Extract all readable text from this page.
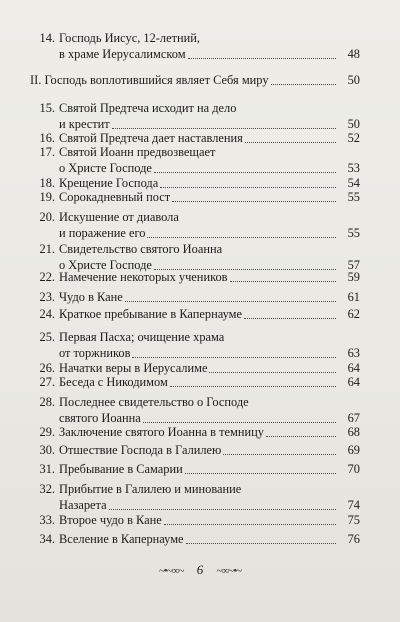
14. Господь Иисус, 12-летний,
в храме Иерусалимском	48
II. Господь воплотившийся являет Себя миру	50
15. Святой Предтеча исходит на дело
и крестит	50
16. Святой Предтеча дает наставления	52
17. Святой Иоанн предвозвещает
о Христе Господе	53
18. Крещение Господа	54
19. Сорокадневный пост	55
20. Искушение от диавола
и поражение его	55
21. Свидетельство святого Иоанна
о Христе Господе	57
22. Намечение некоторых учеников	59
23. Чудо в Кане	61
24. Краткое пребывание в Капернауме	62
25. Первая Пасха; очищение храма
от торжников	63
26. Начатки веры в Иерусалиме	64
27. Беседа с Никодимом	64
28. Последнее свидетельство о Господе
святого Иоанна	67
29. Заключение святого Иоанна в темницу	68
30. Отшествие Господа в Галилею	69
31. Пребывание в Самарии	70
32. Прибытие в Галилею и минование
Назарета	74
33. Второе чудо в Кане	75
34. Вселение в Капернауме	76
~•~∞~ 6 ~∞~•~
